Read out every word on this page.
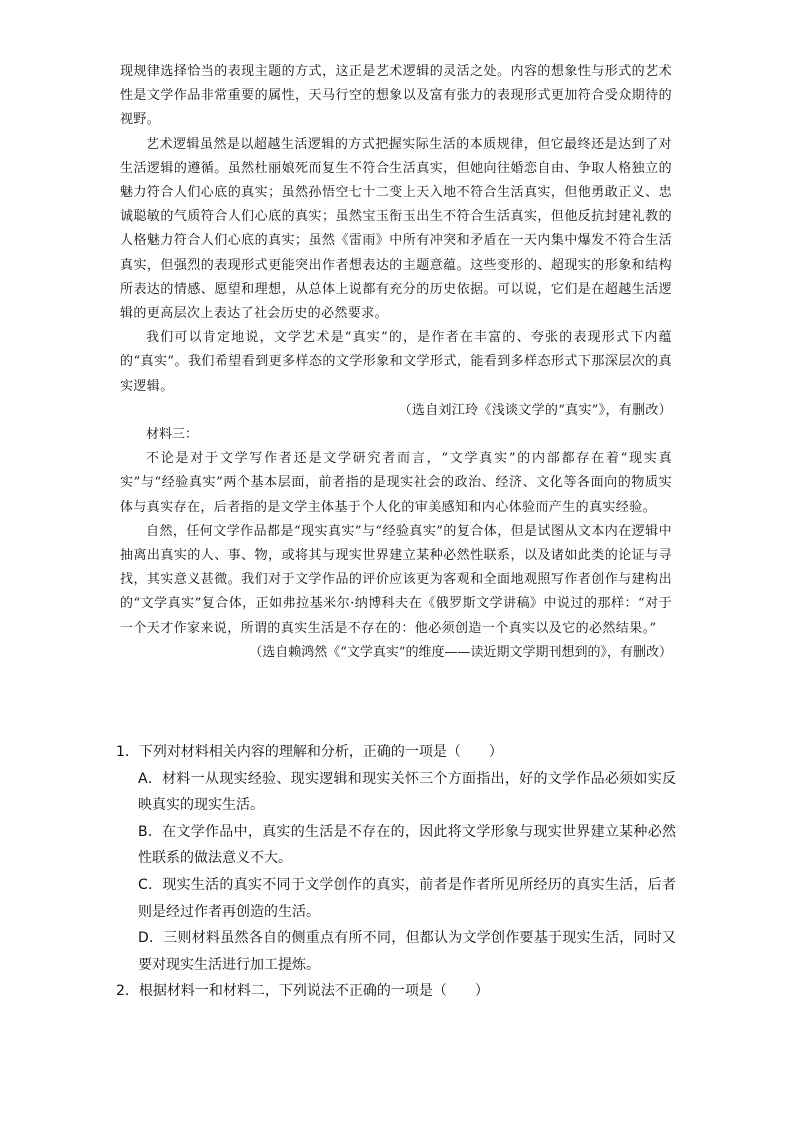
现规律选择恰当的表现主题的方式，这正是艺术逻辑的灵活之处。内容的想象性与形式的艺术性是文学作品非常重要的属性，天马行空的想象以及富有张力的表现形式更加符合受众期待的视野。

艺术逻辑虽然是以超越生活逻辑的方式把握实际生活的本质规律，但它最终还是达到了对生活逻辑的遵循。虽然杜丽娘死而复生不符合生活真实，但她向往婚恋自由、争取人格独立的魅力符合人们心底的真实；虽然孙悟空七十二变上天入地不符合生活真实，但他勇敢正义、忠诚聪敏的气质符合人们心底的真实；虽然宝玉衔玉出生不符合生活真实，但他反抗封建礼教的人格魅力符合人们心底的真实；虽然《雷雨》中所有冲突和矛盾在一天内集中爆发不符合生活真实，但强烈的表现形式更能突出作者想表达的主题意蕴。这些变形的、超现实的形象和结构所表达的情感、愿望和理想，从总体上说都有充分的历史依据。可以说，它们是在超越生活逻辑的更高层次上表达了社会历史的必然要求。

我们可以肯定地说，文学艺术是“真实”的，是作者在丰富的、夸张的表现形式下内蕴的“真实”。我们希望看到更多样态的文学形象和文学形式，能看到多样态形式下那深层次的真实逻辑。

（选自刘江玲《浅谈文学的“真实”》，有删改）

材料三：

不论是对于文学写作者还是文学研究者而言，“文学真实”的内部都存在着“现实真实”与“经验真实”两个基本层面，前者指的是现实社会的政治、经济、文化等各面向的物质实体与真实存在，后者指的是文学主体基于个人化的审美感知和内心体验而产生的真实经验。

自然，任何文学作品都是“现实真实”与“经验真实”的复合体，但是试图从文本内在逻辑中抽离出真实的人、事、物，或将其与现实世界建立某种必然性联系，以及诸如此类的论证与寻找，其实意义甚微。我们对于文学作品的评价应该更为客观和全面地观照写作者创作与建构出的“文学真实”复合体，正如弗拉基米尔·纳博科夫在《俄罗斯文学讲稿》中说过的那样：“对于一个天才作家来说，所谓的真实生活是不存在的：他必须创造一个真实以及它的必然结果。”

（选自赖鸿然《“文学真实”的维度——读近期文学期刊想到的》，有删改）

1．下列对材料相关内容的理解和分析，正确的一项是（　　）

A．材料一从现实经验、现实逻辑和现实关怀三个方面指出，好的文学作品必须如实反映真实的现实生活。

B．在文学作品中，真实的生活是不存在的，因此将文学形象与现实世界建立某种必然性联系的做法意义不大。

C．现实生活的真实不同于文学创作的真实，前者是作者所见所经历的真实生活，后者则是经过作者再创造的生活。

D．三则材料虽然各自的侧重点有所不同，但都认为文学创作要基于现实生活，同时又要对现实生活进行加工提炼。

2．根据材料一和材料二，下列说法不正确的一项是（　　）
